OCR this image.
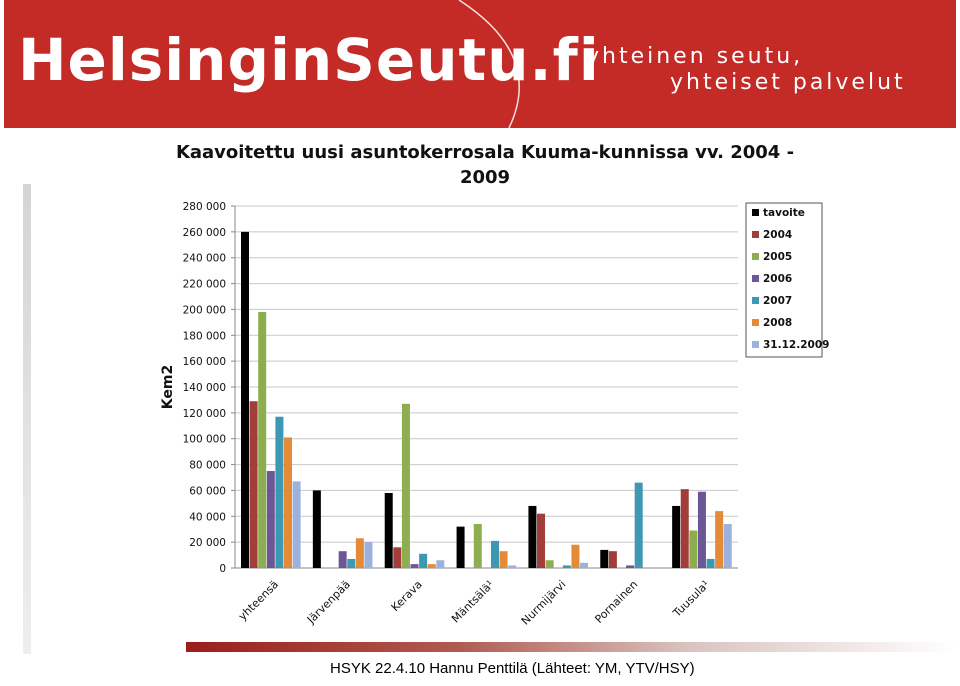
HelsinginSeutu.fi
yhteinen seutu,
yhteiset palvelut
Kaavoitettu uusi asuntokerrosala Kuuma-kunnissa vv. 2004 - 2009
0
20 000
40 000
60 000
80 000
100 000
120 000
140 000
160 000
180 000
200 000
220 000
240 000
260 000
280 000
Kem2
yhteensä Järvenpää	Kerava Mäntsälä¹ Nurmijärvi Pornainen	Tuusula¹
tavoite
2004
2005
2006
2007
2008
31.12.2009
HSYK 22.4.10 Hannu Penttilä (Lähteet: YM, YTV/HSY)
